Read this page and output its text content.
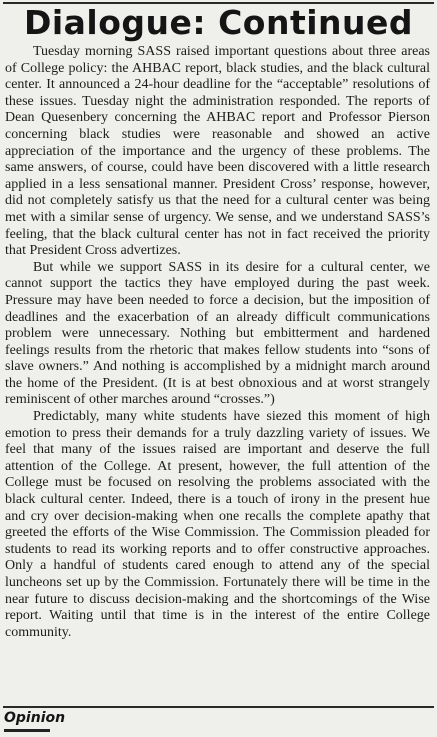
Dialogue: Continued

Tuesday morning SASS raised important questions about three areas of College policy: the AHBAC report, black studies, and the black cultural center. It announced a 24-hour deadline for the “acceptable” resolutions of these issues. Tuesday night the administration responded. The reports of Dean Quesenbery concerning the AHBAC report and Professor Pierson concerning black studies were reasonable and showed an active appreciation of the importance and the urgency of these problems. The same answers, of course, could have been discovered with a little research applied in a less sensational manner. President Cross’ response, however, did not completely satisfy us that the need for a cultural center was being met with a similar sense of urgency. We sense, and we understand SASS’s feeling, that the black cultural center has not in fact received the priority that President Cross advertizes.

But while we support SASS in its desire for a cultural center, we cannot support the tactics they have employed during the past week. Pressure may have been needed to force a decision, but the imposition of deadlines and the exacerbation of an already difficult communications problem were unnecessary. Nothing but embitterment and hardened feelings results from the rhetoric that makes fellow students into “sons of slave owners.” And nothing is accomplished by a midnight march around the home of the President. (It is at best obnoxious and at worst strangely reminiscent of other marches around “crosses.”)

Predictably, many white students have siezed this moment of high emotion to press their demands for a truly dazzling variety of issues. We feel that many of the issues raised are important and deserve the full attention of the College. At present, however, the full attention of the College must be focused on resolving the problems associated with the black cultural center. Indeed, there is a touch of irony in the present hue and cry over decision-making when one recalls the complete apathy that greeted the efforts of the Wise Commission. The Commission pleaded for students to read its working reports and to offer constructive approaches. Only a handful of students cared enough to attend any of the special luncheons set up by the Commission. Fortunately there will be time in the near future to discuss decision-making and the shortcomings of the Wise report. Waiting until that time is in the interest of the entire College community.

Opinion
